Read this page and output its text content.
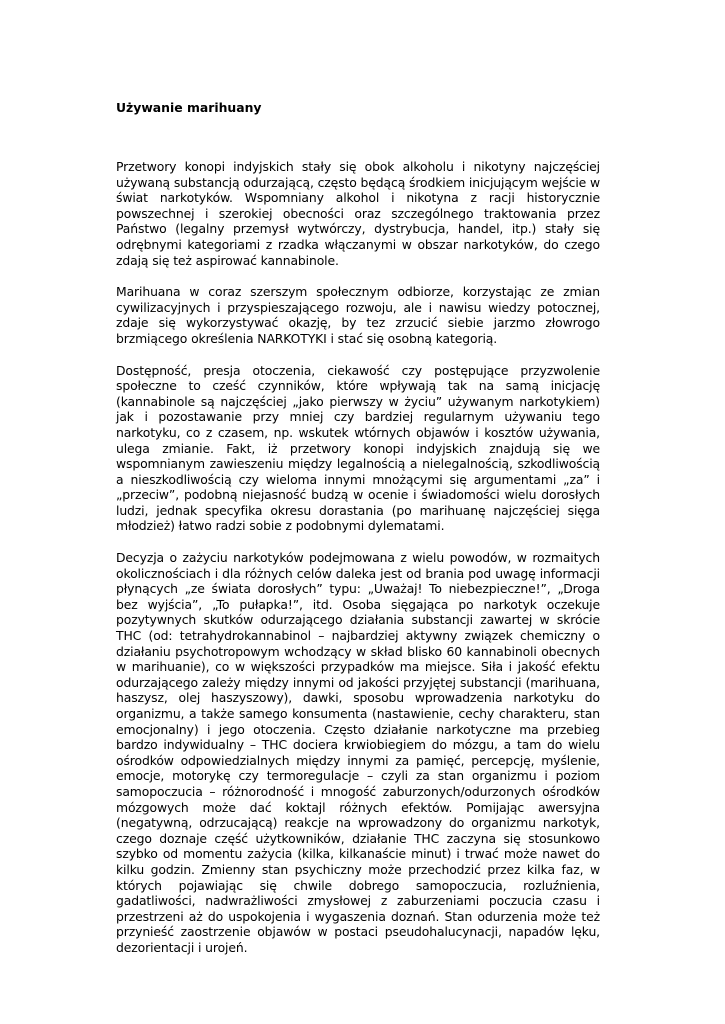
Używanie marihuany

Przetwory konopi indyjskich stały się obok alkoholu i nikotyny najczęściej używaną substancją odurzającą, często będącą środkiem inicjującym wejście w świat narkotyków. Wspomniany alkohol i nikotyna z racji historycznie powszechnej i szerokiej obecności oraz szczególnego traktowania przez Państwo (legalny przemysł wytwórczy, dystrybucja, handel, itp.) stały się odrębnymi kategoriami z rzadka włączanymi w obszar narkotyków, do czego zdają się też aspirować kannabinole.

Marihuana w coraz szerszym społecznym odbiorze, korzystając ze zmian cywilizacyjnych i przyspieszającego rozwoju, ale i nawisu wiedzy potocznej, zdaje się wykorzystywać okazję, by tez zrzucić siebie jarzmo złowrogo brzmiącego określenia NARKOTYKI i stać się osobną kategorią.

Dostępność, presja otoczenia, ciekawość czy postępujące przyzwolenie społeczne to cześć czynników, które wpływają tak na samą inicjację (kannabinole są najczęściej „jako pierwszy w życiu” używanym narkotykiem) jak i pozostawanie przy mniej czy bardziej regularnym używaniu tego narkotyku, co z czasem, np. wskutek wtórnych objawów i kosztów używania, ulega zmianie. Fakt, iż przetwory konopi indyjskich znajdują się we wspomnianym zawieszeniu między legalnością a nielegalnością, szkodliwością a nieszkodliwością czy wieloma innymi mnożącymi się argumentami „za” i „przeciw”, podobną niejasność budzą w ocenie i świadomości wielu dorosłych ludzi, jednak specyfika okresu dorastania (po marihuanę najczęściej sięga młodzież) łatwo radzi sobie z podobnymi dylematami.

Decyzja o zażyciu narkotyków podejmowana z wielu powodów, w rozmaitych okolicznościach i dla różnych celów daleka jest od brania pod uwagę informacji płynących „ze świata dorosłych” typu: „Uważaj! To niebezpieczne!”, „Droga bez wyjścia”, „To pułapka!”, itd. Osoba sięgająca po narkotyk oczekuje pozytywnych skutków odurzającego działania substancji zawartej w skrócie THC (od: tetrahydrokannabinol – najbardziej aktywny związek chemiczny o działaniu psychotropowym wchodzący w skład blisko 60 kannabinoli obecnych w marihuanie), co w większości przypadków ma miejsce. Siła i jakość efektu odurzającego zależy między innymi od jakości przyjętej substancji (marihuana, haszysz, olej haszyszowy), dawki, sposobu wprowadzenia narkotyku do organizmu, a także samego konsumenta (nastawienie, cechy charakteru, stan emocjonalny) i jego otoczenia. Często działanie narkotyczne ma przebieg bardzo indywidualny – THC dociera krwiobiegiem do mózgu, a tam do wielu ośrodków odpowiedzialnych między innymi za pamięć, percepcję, myślenie, emocje, motorykę czy termoregulacje – czyli za stan organizmu i poziom samopoczucia – różnorodność i mnogość zaburzonych/odurzonych ośrodków mózgowych może dać koktajl różnych efektów. Pomijając awersyjna (negatywną, odrzucającą) reakcje na wprowadzony do organizmu narkotyk, czego doznaje część użytkowników, działanie THC zaczyna się stosunkowo szybko od momentu zażycia (kilka, kilkanaście minut) i trwać może nawet do kilku godzin. Zmienny stan psychiczny może przechodzić przez kilka faz, w których pojawiając się chwile dobrego samopoczucia, rozluźnienia, gadatliwości, nadwrażliwości zmysłowej z zaburzeniami poczucia czasu i przestrzeni aż do uspokojenia i wygaszenia doznań. Stan odurzenia może też przynieść zaostrzenie objawów w postaci pseudohalucynacji, napadów lęku, dezorientacji i urojeń.
